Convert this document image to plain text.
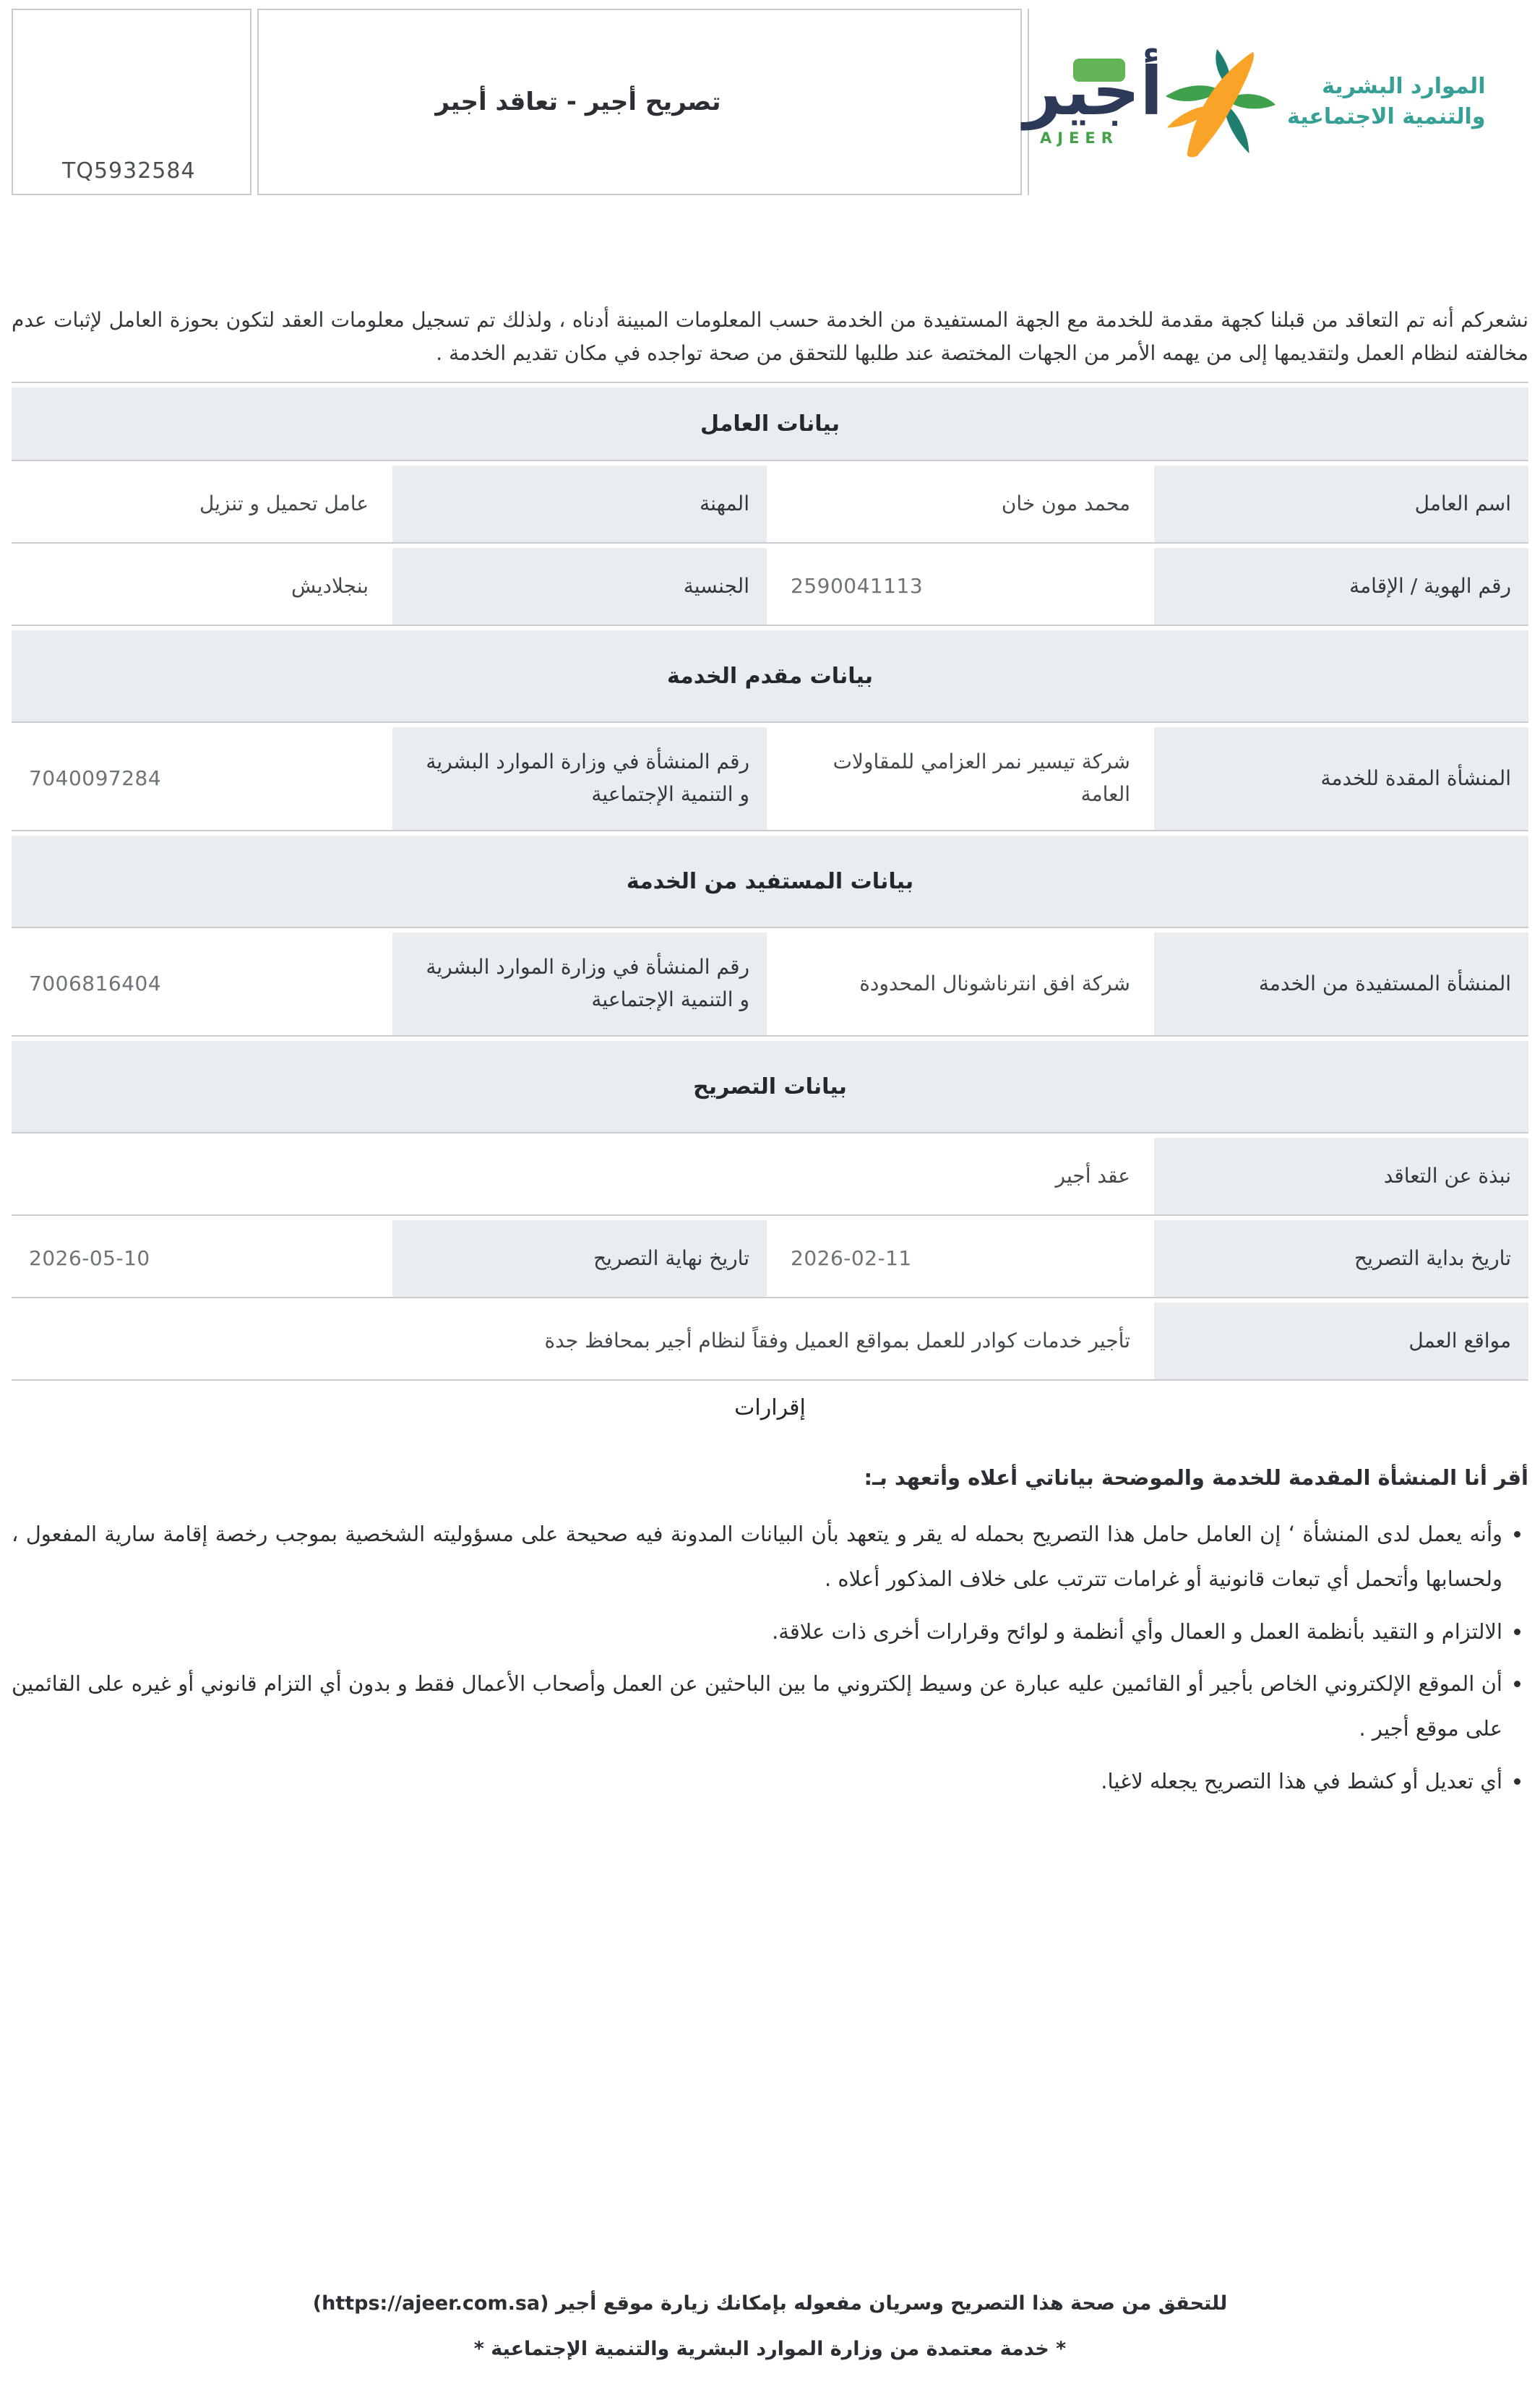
TQ5932584
تصريح أجير - تعاقد أجير	أجير
AJEER
الموارد البشرية
والتنمية الاجتماعية

نشعركم أنه تم التعاقد من قبلنا كجهة مقدمة للخدمة مع الجهة المستفيدة من الخدمة حسب المعلومات المبينة أدناه ، ولذلك تم تسجيل معلومات العقد لتكون بحوزة العامل لإثبات عدم مخالفته لنظام العمل ولتقديمها إلى من يهمه الأمر من الجهات المختصة عند طلبها للتحقق من صحة تواجده في مكان تقديم الخدمة .

بيانات العامل
اسم العامل
محمد مون خان
المهنة
عامل تحميل و تنزيل
رقم الهوية / الإقامة
2590041113
الجنسية
بنجلاديش
بيانات مقدم الخدمة
المنشأة المقدة للخدمة
شركة تيسير نمر العزامي للمقاولات العامة
رقم المنشأة في وزارة الموارد البشرية و التنمية الإجتماعية
7040097284
بيانات المستفيد من الخدمة
المنشأة المستفيدة من الخدمة
شركة افق انترناشونال المحدودة
رقم المنشأة في وزارة الموارد البشرية و التنمية الإجتماعية
7006816404
بيانات التصريح
نبذة عن التعاقد
عقد أجير
تاريخ بداية التصريح
2026-02-11
تاريخ نهاية التصريح
2026-05-10
مواقع العمل
تأجير خدمات كوادر للعمل بمواقع العميل وفقاً لنظام أجير بمحافظ جدة
إقرارات
أقر أنا المنشأة المقدمة للخدمة والموضحة بياناتي أعلاه وأتعهد بـ:
• وأنه يعمل لدى المنشأة ‘ إن العامل حامل هذا التصريح بحمله له يقر و يتعهد بأن البيانات المدونة فيه صحيحة على مسؤوليته الشخصية بموجب رخصة إقامة سارية المفعول ، ولحسابها وأتحمل أي تبعات قانونية أو غرامات تترتب على خلاف المذكور أعلاه .
• الالتزام و التقيد بأنظمة العمل و العمال وأي أنظمة و لوائح وقرارات أخرى ذات علاقة.
• أن الموقع الإلكتروني الخاص بأجير أو القائمين عليه عبارة عن وسيط إلكتروني ما بين الباحثين عن العمل وأصحاب الأعمال فقط و بدون أي التزام قانوني أو غيره على القائمين على موقع أجير .
• أي تعديل أو كشط في هذا التصريح يجعله لاغيا.
للتحقق من صحة هذا التصريح وسريان مفعوله بإمكانك زيارة موقع أجير (https://ajeer.com.sa)
* خدمة معتمدة من وزارة الموارد البشرية والتنمية الإجتماعية *
